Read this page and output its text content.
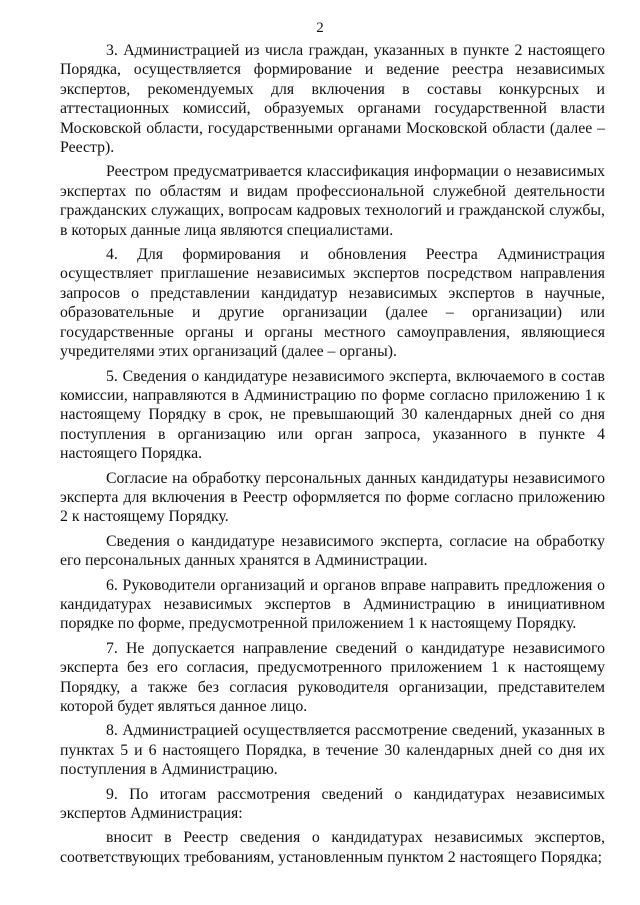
2

3. Администрацией из числа граждан, указанных в пункте 2 настоящего Порядка, осуществляется формирование и ведение реестра независимых экспертов, рекомендуемых для включения в составы конкурсных и аттестационных комиссий, образуемых органами государственной власти Московской области, государственными органами Московской области (далее – Реестр).

Реестром предусматривается классификация информации о независимых экспертах по областям и видам профессиональной служебной деятельности гражданских служащих, вопросам кадровых технологий и гражданской службы, в которых данные лица являются специалистами.

4. Для формирования и обновления Реестра Администрация осуществляет приглашение независимых экспертов посредством направления запросов о представлении кандидатур независимых экспертов в научные, образовательные и другие организации (далее – организации) или государственные органы и органы местного самоуправления, являющиеся учредителями этих организаций (далее – органы).

5. Сведения о кандидатуре независимого эксперта, включаемого в состав комиссии, направляются в Администрацию по форме согласно приложению 1 к настоящему Порядку в срок, не превышающий 30 календарных дней со дня поступления в организацию или орган запроса, указанного в пункте 4 настоящего Порядка.

Согласие на обработку персональных данных кандидатуры независимого эксперта для включения в Реестр оформляется по форме согласно приложению 2 к настоящему Порядку.

Сведения о кандидатуре независимого эксперта, согласие на обработку его персональных данных хранятся в Администрации.

6. Руководители организаций и органов вправе направить предложения о кандидатурах независимых экспертов в Администрацию в инициативном порядке по форме, предусмотренной приложением 1 к настоящему Порядку.

7. Не допускается направление сведений о кандидатуре независимого эксперта без его согласия, предусмотренного приложением 1 к настоящему Порядку, а также без согласия руководителя организации, представителем которой будет являться данное лицо.

8. Администрацией осуществляется рассмотрение сведений, указанных в пунктах 5 и 6 настоящего Порядка, в течение 30 календарных дней со дня их поступления в Администрацию.

9. По итогам рассмотрения сведений о кандидатурах независимых экспертов Администрация:

вносит в Реестр сведения о кандидатурах независимых экспертов, соответствующих требованиям, установленным пунктом 2 настоящего Порядка;
